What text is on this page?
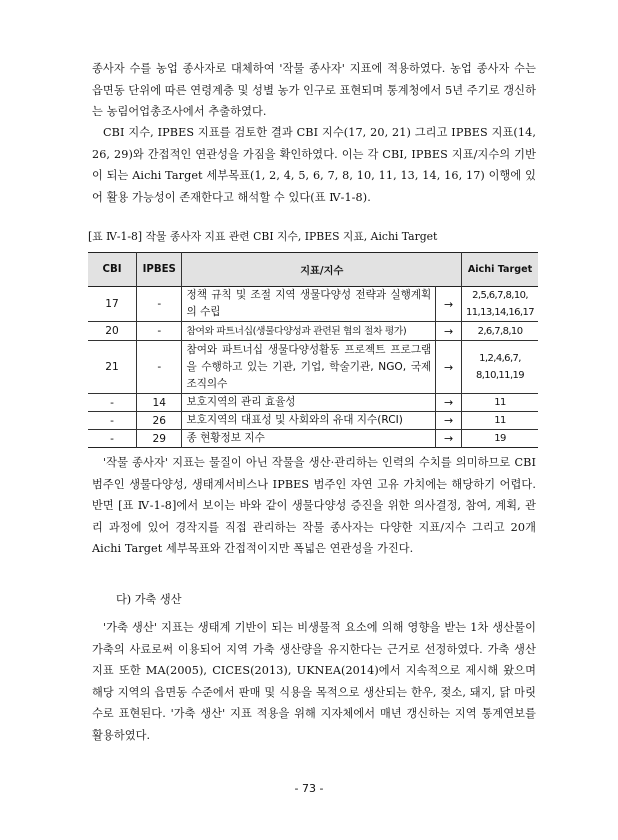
종사자 수를 농업 종사자로 대체하여 '작물 종사자' 지표에 적용하였다. 농업 종사자 수는 읍면동 단위에 따른 연령계층 및 성별 농가 인구로 표현되며 통계청에서 5년 주기로 갱신하는 농림어업총조사에서 추출하였다.

CBI 지수, IPBES 지표를 검토한 결과 CBI 지수(17, 20, 21) 그리고 IPBES 지표(14, 26, 29)와 간접적인 연관성을 가짐을 확인하였다. 이는 각 CBI, IPBES 지표/지수의 기반이 되는 Aichi Target 세부목표(1, 2, 4, 5, 6, 7, 8, 10, 11, 13, 14, 16, 17) 이행에 있어 활용 가능성이 존재한다고 해석할 수 있다(표 Ⅳ-1-8).

[표 Ⅳ-1-8] 작물 종사자 지표 관련 CBI 지수, IPBES 지표, Aichi Target
CBI	IPBES	지표/지수		Aichi Target
17	-	정책 규칙 및 조절 지역 생물다양성 전략과 실행계획의 수립	→	2,5,6,7,8,10, 11,13,14,16,17
20	-	참여와 파트너십(생물다양성과 관련된 협의 절차 평가)	→	2,6,7,8,10
21	-	참여와 파트너십 생물다양성활동 프로젝트 프로그램을 수행하고 있는 기관, 기업, 학술기관, NGO, 국제조직의수	→	1,2,4,6,7, 8,10,11,19
-	14	보호지역의 관리 효율성	→	11
-	26	보호지역의 대표성 및 사회와의 유대 지수(RCI)	→	11
-	29	종 현황정보 지수	→	19

'작물 종사자' 지표는 물질이 아닌 작물을 생산·관리하는 인력의 수치를 의미하므로 CBI 범주인 생물다양성, 생태계서비스나 IPBES 범주인 자연 고유 가치에는 해당하기 어렵다. 반면 [표 Ⅳ-1-8]에서 보이는 바와 같이 생물다양성 증진을 위한 의사결정, 참여, 계획, 관리 과정에 있어 경작지를 직접 관리하는 작물 종사자는 다양한 지표/지수 그리고 20개 Aichi Target 세부목표와 간접적이지만 폭넓은 연관성을 가진다.

다) 가축 생산

'가축 생산' 지표는 생태계 기반이 되는 비생물적 요소에 의해 영향을 받는 1차 생산물이 가축의 사료로써 이용되어 지역 가축 생산량을 유지한다는 근거로 선정하였다. 가축 생산 지표 또한 MA(2005), CICES(2013), UKNEA(2014)에서 지속적으로 제시해 왔으며 해당 지역의 읍면동 수준에서 판매 및 식용을 목적으로 생산되는 한우, 젖소, 돼지, 닭 마릿수로 표현된다. '가축 생산' 지표 적용을 위해 지자체에서 매년 갱신하는 지역 통계연보를 활용하였다.

- 73 -
